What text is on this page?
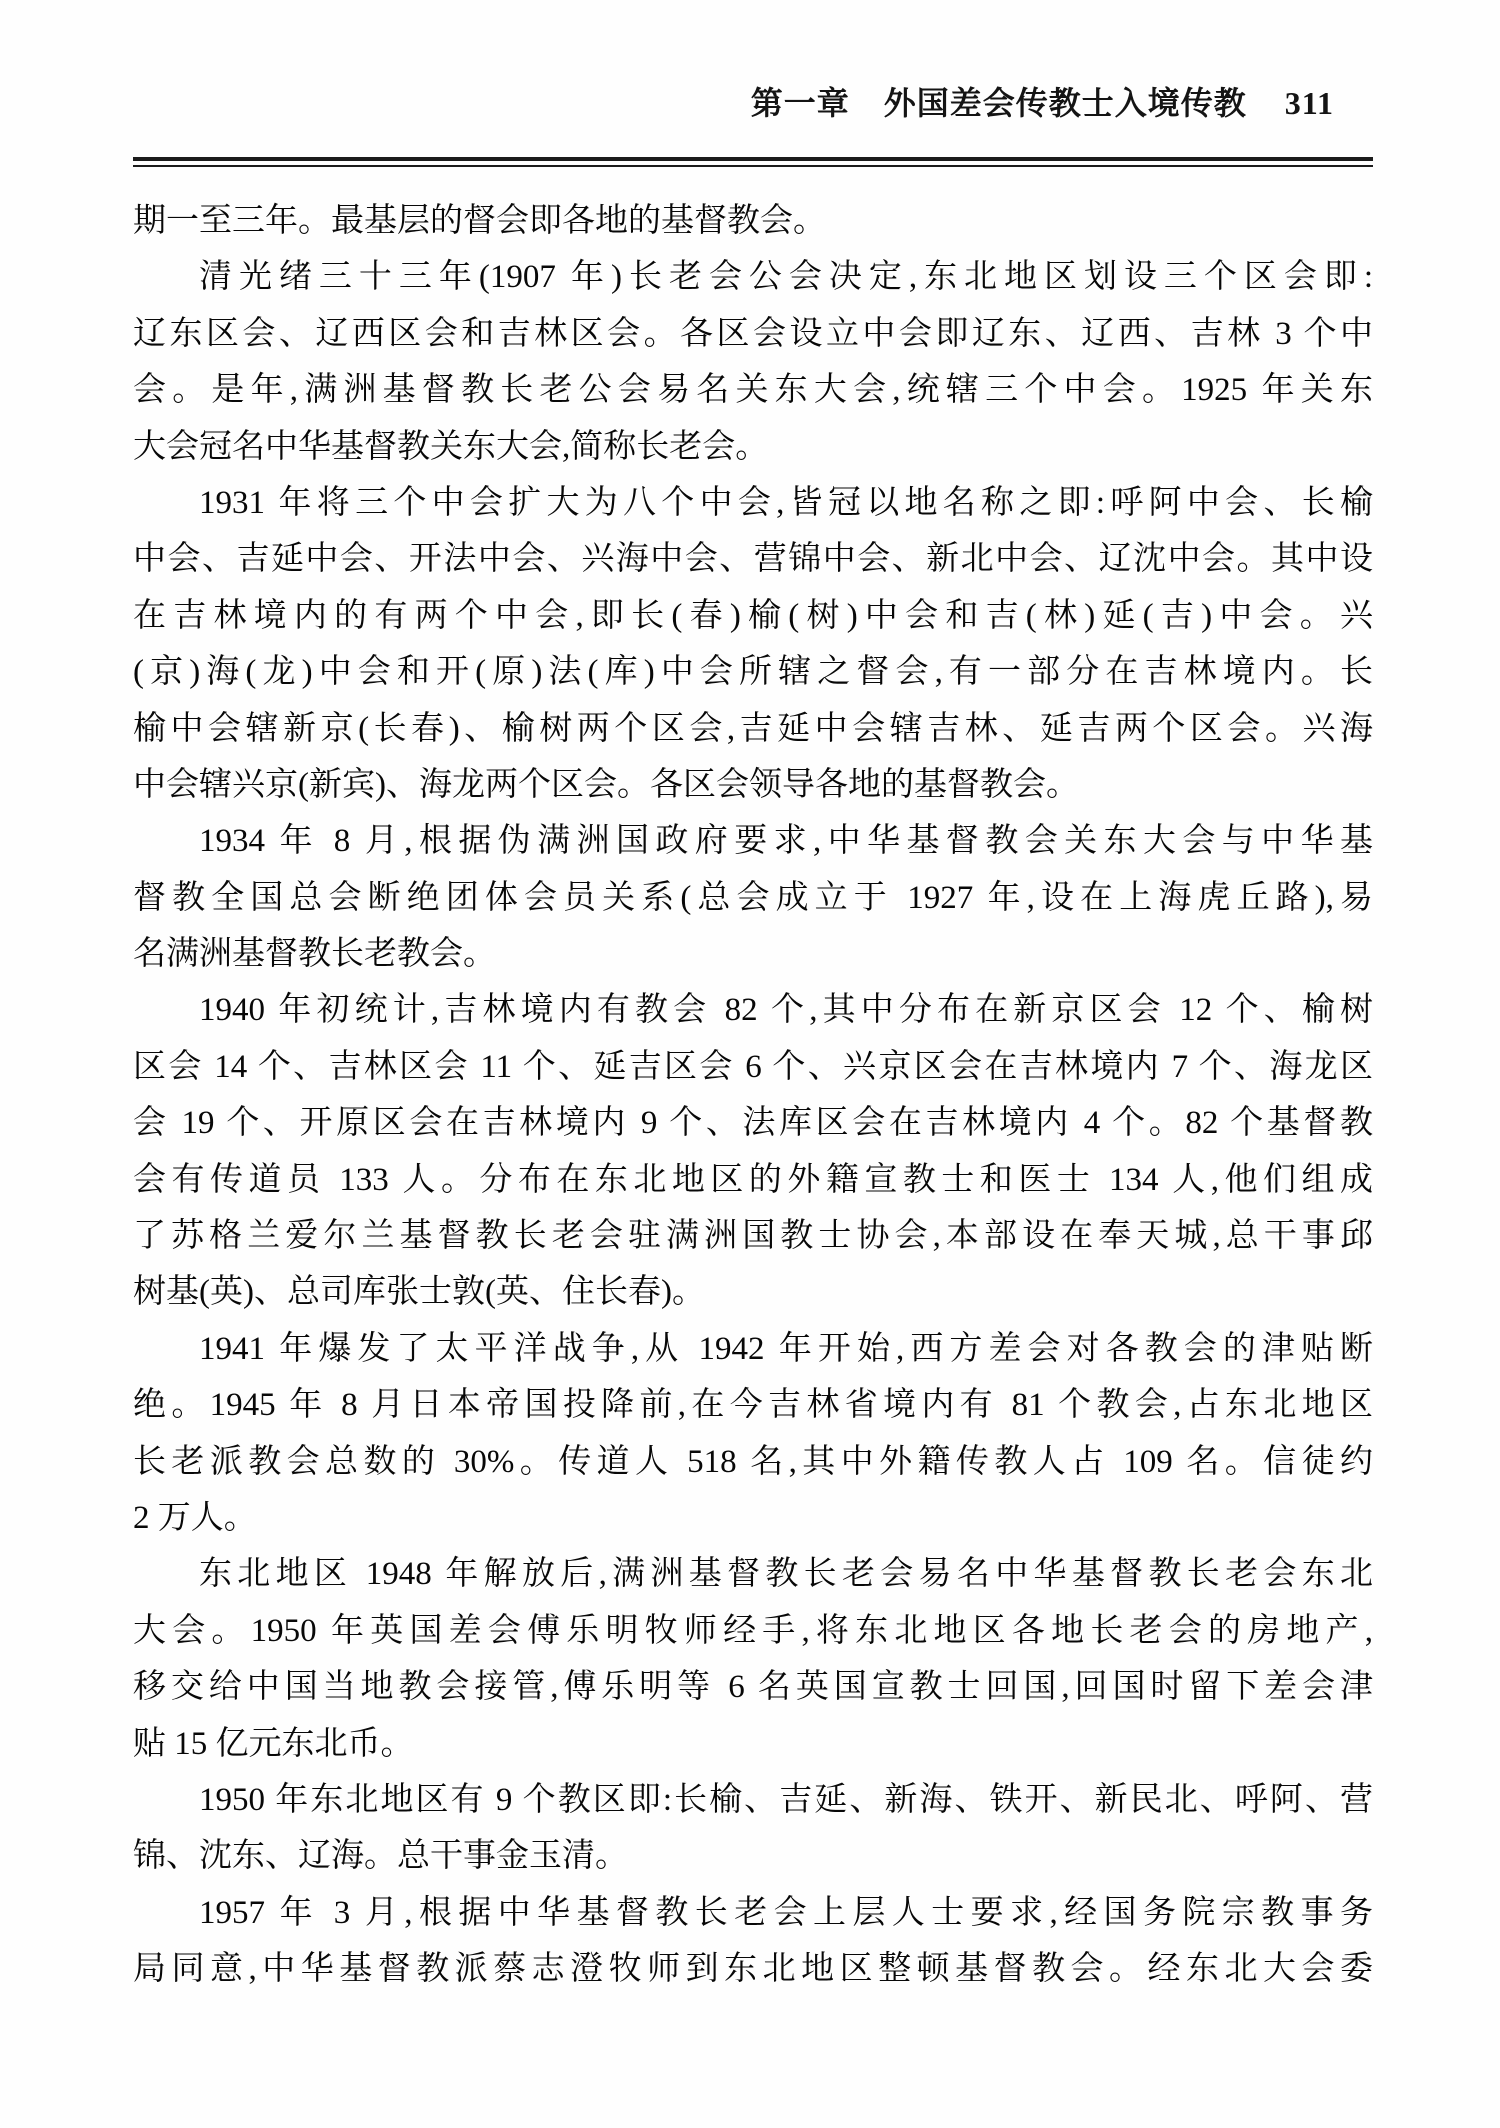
第一章 外国差会传教士入境传教 311
期一至三年。最基层的督会即各地的基督教会。
清光绪三十三年(1907 年)长老会公会决定,东北地区划设三个区会即:
辽东区会、辽西区会和吉林区会。各区会设立中会即辽东、辽西、吉林 3 个中
会。是年,满洲基督教长老公会易名关东大会,统辖三个中会。1925 年关东
大会冠名中华基督教关东大会,简称长老会。
1931 年将三个中会扩大为八个中会,皆冠以地名称之即:呼阿中会、长榆
中会、吉延中会、开法中会、兴海中会、营锦中会、新北中会、辽沈中会。其中设
在吉林境内的有两个中会,即长(春)榆(树)中会和吉(林)延(吉)中会。兴
(京)海(龙)中会和开(原)法(库)中会所辖之督会,有一部分在吉林境内。长
榆中会辖新京(长春)、榆树两个区会,吉延中会辖吉林、延吉两个区会。兴海
中会辖兴京(新宾)、海龙两个区会。各区会领导各地的基督教会。
1934 年 8 月,根据伪满洲国政府要求,中华基督教会关东大会与中华基
督教全国总会断绝团体会员关系(总会成立于 1927 年,设在上海虎丘路),易
名满洲基督教长老教会。
1940 年初统计,吉林境内有教会 82 个,其中分布在新京区会 12 个、榆树
区会 14 个、吉林区会 11 个、延吉区会 6 个、兴京区会在吉林境内 7 个、海龙区
会 19 个、开原区会在吉林境内 9 个、法库区会在吉林境内 4 个。82 个基督教
会有传道员 133 人。分布在东北地区的外籍宣教士和医士 134 人,他们组成
了苏格兰爱尔兰基督教长老会驻满洲国教士协会,本部设在奉天城,总干事邱
树基(英)、总司库张士敦(英、住长春)。
1941 年爆发了太平洋战争,从 1942 年开始,西方差会对各教会的津贴断
绝。1945 年 8 月日本帝国投降前,在今吉林省境内有 81 个教会,占东北地区
长老派教会总数的 30%。传道人 518 名,其中外籍传教人占 109 名。信徒约
2 万人。
东北地区 1948 年解放后,满洲基督教长老会易名中华基督教长老会东北
大会。1950 年英国差会傅乐明牧师经手,将东北地区各地长老会的房地产,
移交给中国当地教会接管,傅乐明等 6 名英国宣教士回国,回国时留下差会津
贴 15 亿元东北币。
1950 年东北地区有 9 个教区即:长榆、吉延、新海、铁开、新民北、呼阿、营
锦、沈东、辽海。总干事金玉清。
1957 年 3 月,根据中华基督教长老会上层人士要求,经国务院宗教事务
局同意,中华基督教派蔡志澄牧师到东北地区整顿基督教会。经东北大会委
